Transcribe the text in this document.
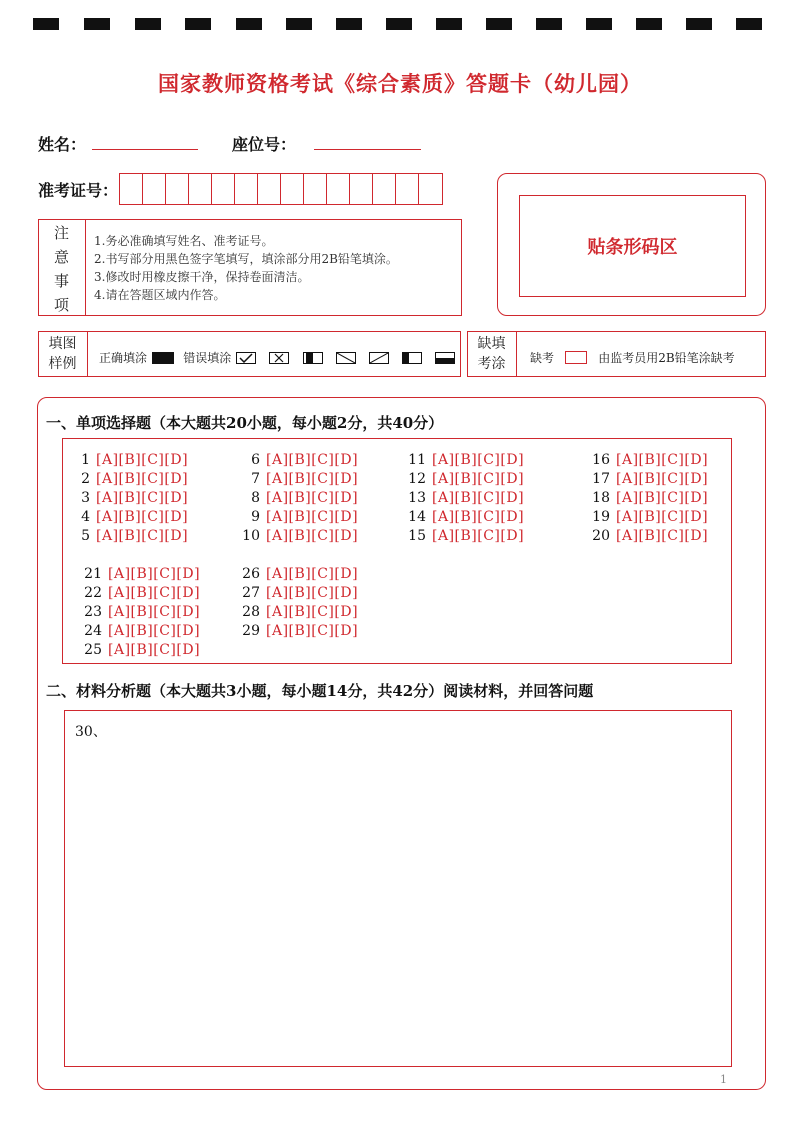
国家教师资格考试《综合素质》答题卡（幼儿园）
姓名：	座位号：
准考证号：
注
意
事
项
1.务必准确填写姓名、准考证号。
2.书写部分用黑色签字笔填写，填涂部分用2B铅笔填涂。
3.修改时用橡皮擦干净，保持卷面清洁。
4.请在答题区域内作答。
贴条形码区
填图
样例	正确填涂	错误填涂

缺填
考涂	缺考	由监考员用2B铅笔涂缺考
一、单项选择题（本大题共20小题，每小题2分，共40分）
1 [A][B][C][D]
2 [A][B][C][D]
3 [A][B][C][D]
4 [A][B][C][D]
5 [A][B][C][D]
6 [A][B][C][D]
7 [A][B][C][D]
8 [A][B][C][D]
9 [A][B][C][D]
10 [A][B][C][D]
11 [A][B][C][D]
12 [A][B][C][D]
13 [A][B][C][D]
14 [A][B][C][D]
15 [A][B][C][D]
16 [A][B][C][D]
17 [A][B][C][D]
18 [A][B][C][D]
19 [A][B][C][D]
20 [A][B][C][D]
21 [A][B][C][D]
22 [A][B][C][D]
23 [A][B][C][D]
24 [A][B][C][D]
25 [A][B][C][D]
26 [A][B][C][D]
27 [A][B][C][D]
28 [A][B][C][D]
29 [A][B][C][D]
二、材料分析题（本大题共3小题，每小题14分，共42分）阅读材料，并回答问题
30、
1
